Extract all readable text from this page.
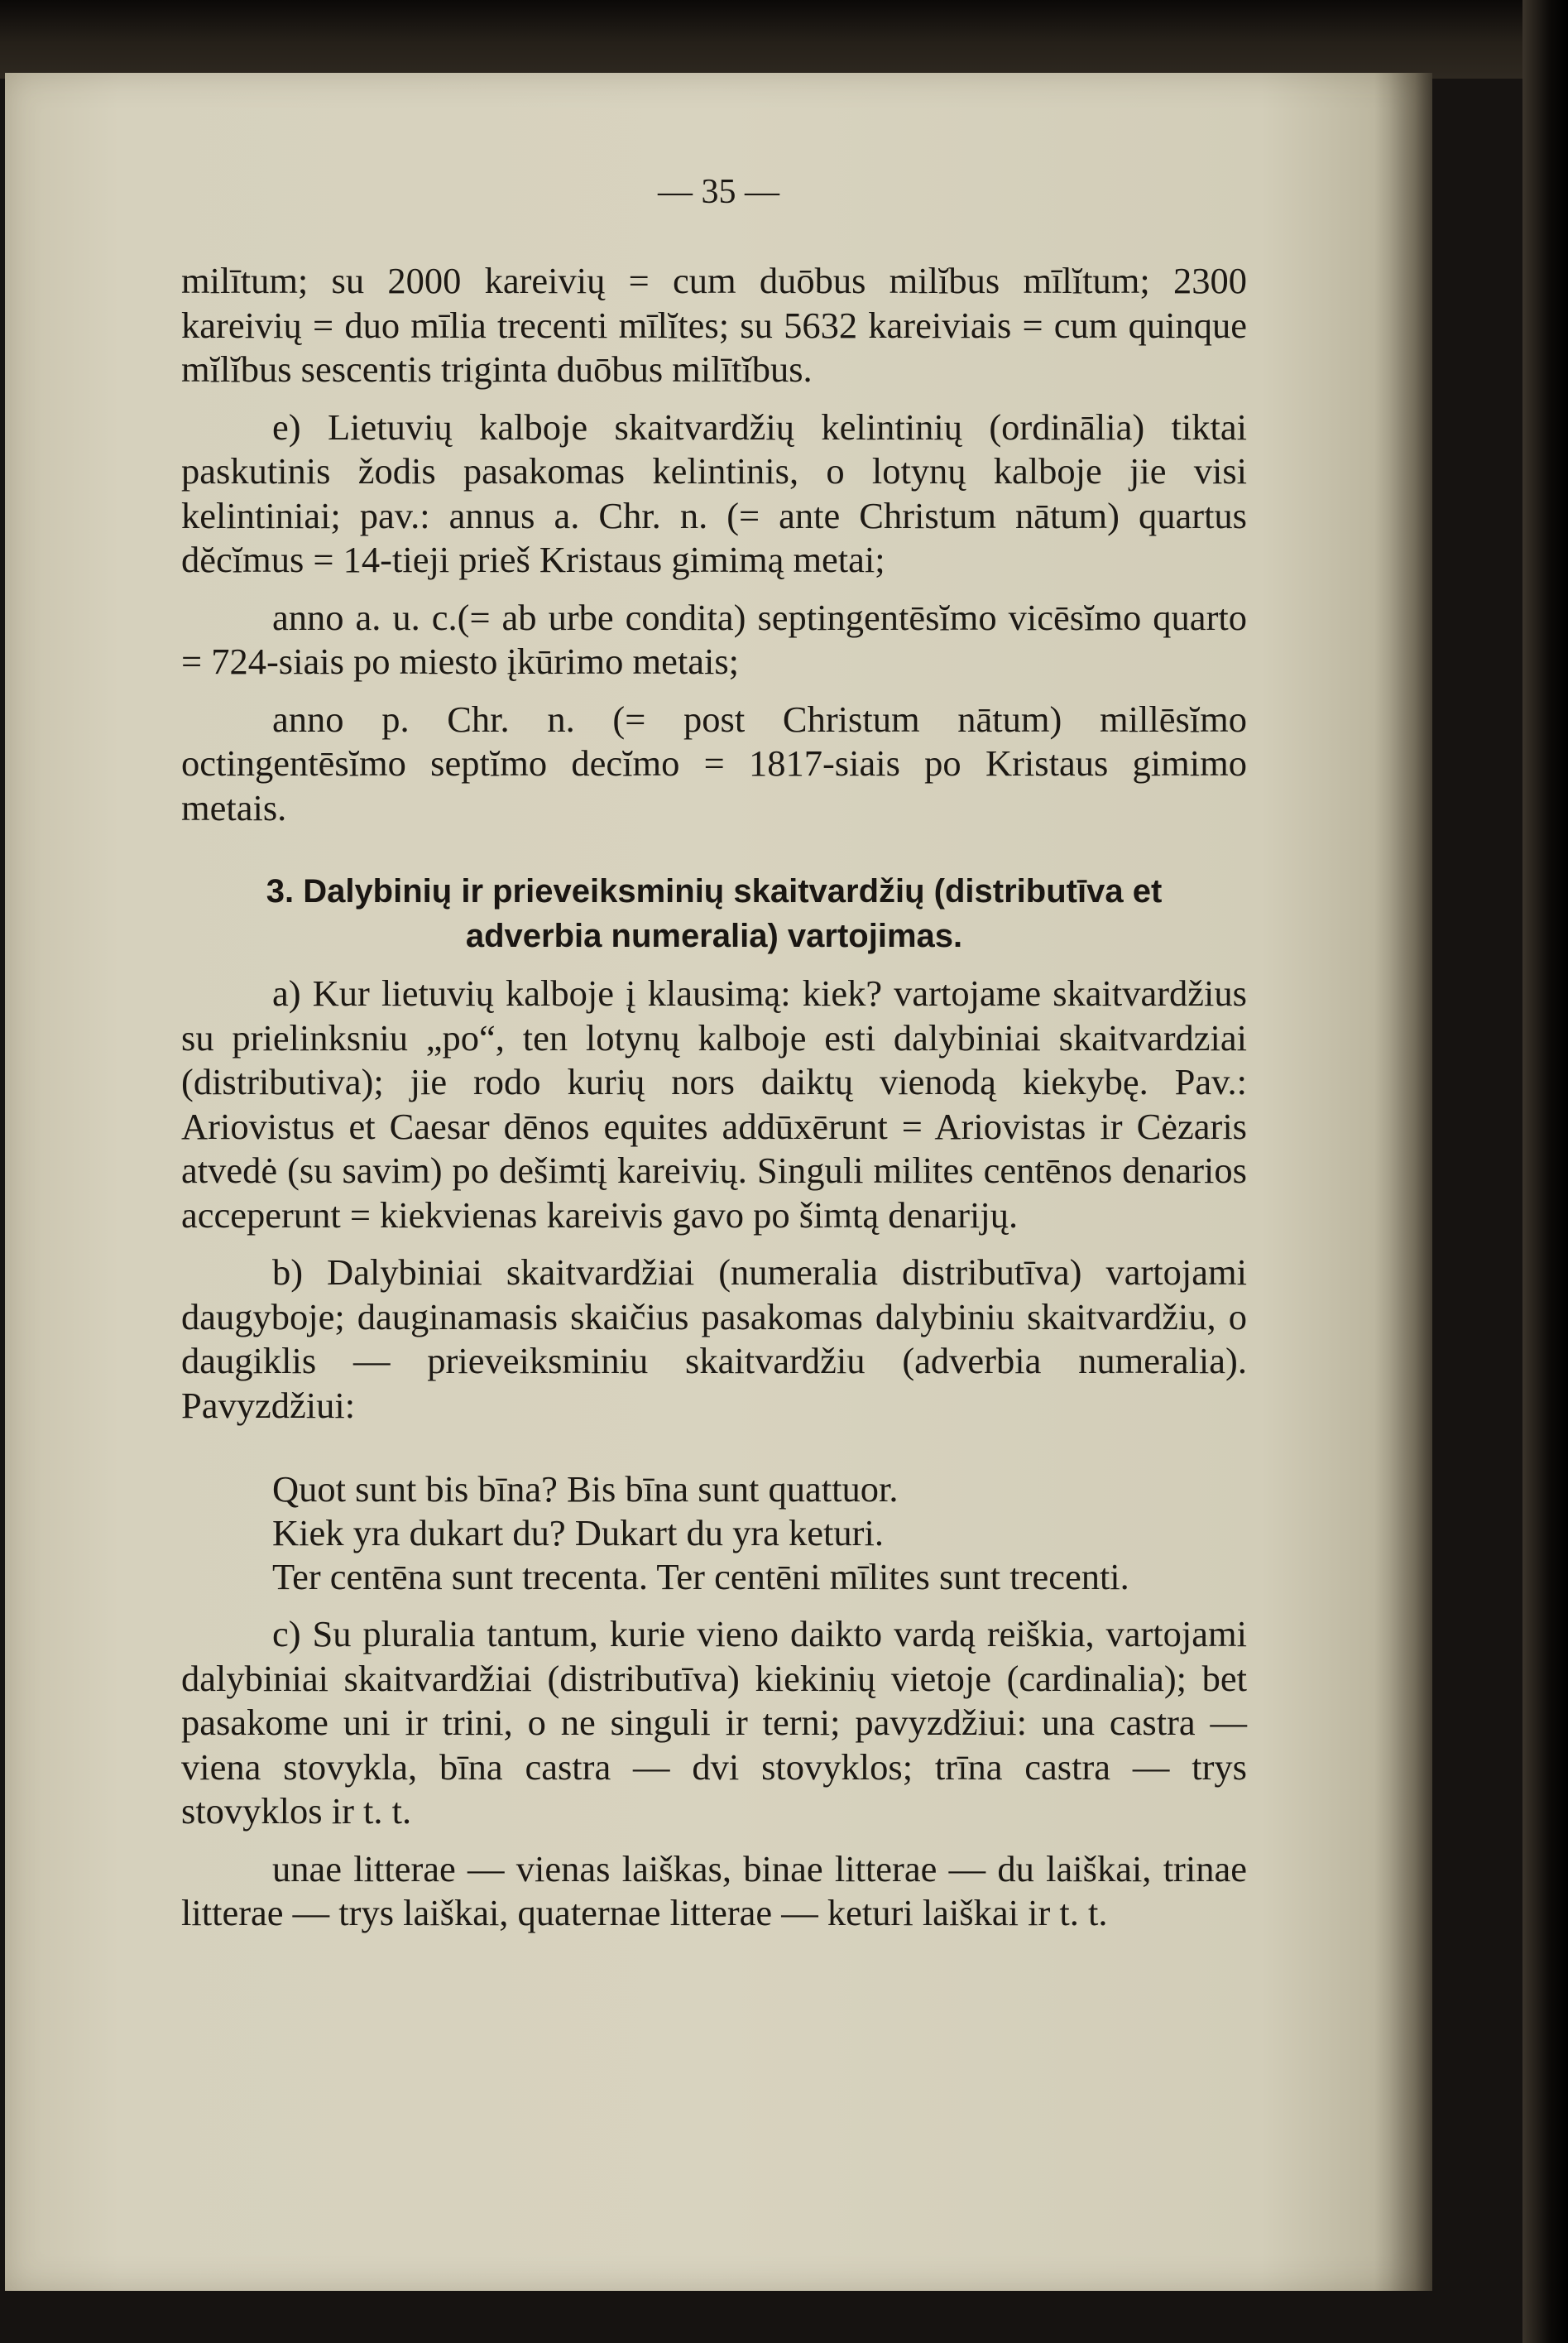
— 35 —

milītum; su 2000 kareivių = cum duōbus milĭbus mīlĭtum; 2300 kareivių = duo mīlia trecenti mīlĭtes; su 5632 kareiviais = cum quinque mĭlĭbus sescentis triginta duōbus milītĭbus.

e) Lietuvių kalboje skaitvardžių kelintinių (ordinālia) tiktai paskutinis žodis pasakomas kelintinis, o lotynų kalboje jie visi kelintiniai; pav.: annus a. Chr. n. (= ante Christum nātum) quartus dĕcĭmus = 14-tieji prieš Kristaus gimimą metai;

anno a. u. c.(= ab urbe condita) septingentēsĭmo vicēsĭmo quarto = 724-siais po miesto įkūrimo metais;

anno p. Chr. n. (= post Christum nātum) millēsĭmo octingentēsĭmo septĭmo decĭmo = 1817-siais po Kristaus gimimo metais.

3. Dalybinių ir prieveiksminių skaitvardžių (distributīva et adverbia numeralia) vartojimas.

a) Kur lietuvių kalboje į klausimą: kiek? vartojame skaitvardžius su prielinksniu „po“, ten lotynų kalboje esti dalybiniai skaitvardziai (distributiva); jie rodo kurių nors daiktų vienodą kiekybę. Pav.: Ariovistus et Caesar dēnos equites addūxērunt = Ariovistas ir Cėzaris atvedė (su savim) po dešimtį kareivių. Singuli milites centēnos denarios acceperunt = kiekvienas kareivis gavo po šimtą denarijų.

b) Dalybiniai skaitvardžiai (numeralia distributīva) vartojami daugyboje; dauginamasis skaičius pasakomas dalybiniu skaitvardžiu, o daugiklis — prieveiksminiu skaitvardžiu (adverbia numeralia). Pavyzdžiui:

Quot sunt bis bīna? Bis bīna sunt quattuor.
Kiek yra dukart du? Dukart du yra keturi.
Ter centēna sunt trecenta. Ter centēni mīlites sunt trecenti.

c) Su pluralia tantum, kurie vieno daikto vardą reiškia, vartojami dalybiniai skaitvardžiai (distributīva) kiekinių vietoje (cardinalia); bet pasakome uni ir trini, o ne singuli ir terni; pavyzdžiui: una castra — viena stovykla, bīna castra — dvi stovyklos; trīna castra — trys stovyklos ir t. t.

unae litterae — vienas laiškas, binae litterae — du laiškai, trinae litterae — trys laiškai, quaternae litterae — keturi laiškai ir t. t.
